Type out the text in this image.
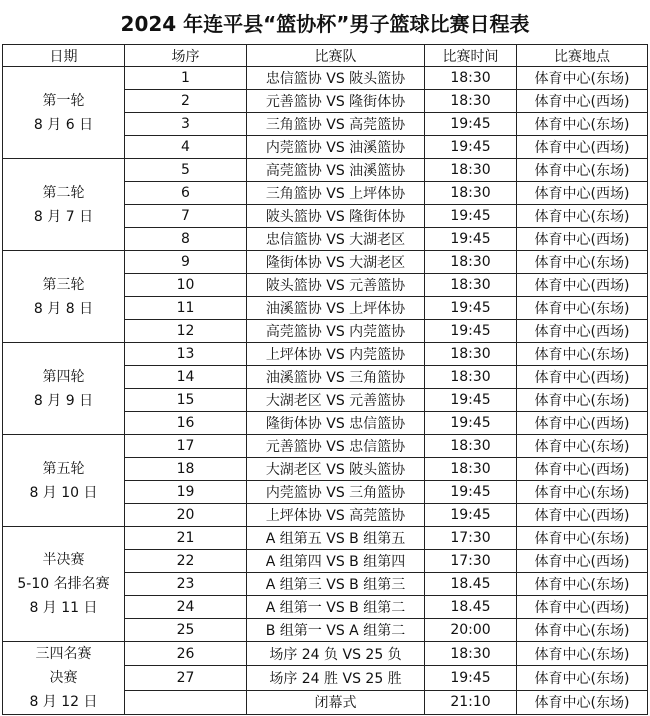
2024 年连平县“篮协杯”男子篮球比赛日程表
日期	场序	比赛队	比赛时间	比赛地点

第一轮
8 月 6 日	1	忠信篮协 VS 陂头篮协	18:30	体育中心(东场)
	2	元善篮协 VS 隆街体协	18:30	体育中心(西场)
	3	三角篮协 VS 高莞篮协	19:45	体育中心(东场)
	4	内莞篮协 VS 油溪篮协	19:45	体育中心(西场)

第二轮
8 月 7 日	5	高莞篮协 VS 油溪篮协	18:30	体育中心(东场)
	6	三角篮协 VS 上坪体协	18:30	体育中心(西场)
	7	陂头篮协 VS 隆街体协	19:45	体育中心(东场)
	8	忠信篮协 VS 大湖老区	19:45	体育中心(西场)

第三轮
8 月 8 日	9	隆街体协 VS 大湖老区	18:30	体育中心(东场)
	10	陂头篮协 VS 元善篮协	18:30	体育中心(西场)
	11	油溪篮协 VS 上坪体协	19:45	体育中心(东场)
	12	高莞篮协 VS 内莞篮协	19:45	体育中心(西场)

第四轮
8 月 9 日	13	上坪体协 VS 内莞篮协	18:30	体育中心(东场)
	14	油溪篮协 VS 三角篮协	18:30	体育中心(西场)
	15	大湖老区 VS 元善篮协	19:45	体育中心(东场)
	16	隆街体协 VS 忠信篮协	19:45	体育中心(西场)

第五轮
8 月 10 日	17	元善篮协 VS 忠信篮协	18:30	体育中心(东场)
	18	大湖老区 VS 陂头篮协	18:30	体育中心(西场)
	19	内莞篮协 VS 三角篮协	19:45	体育中心(东场)
	20	上坪体协 VS 高莞篮协	19:45	体育中心(西场)

半决赛
5-10 名排名赛
8 月 11 日	21	A 组第五 VS B 组第五	17:30	体育中心(东场)
	22	A 组第四 VS B 组第四	17:30	体育中心(西场)
	23	A 组第三 VS B 组第三	18.45	体育中心(东场)
	24	A 组第一 VS B 组第二	18.45	体育中心(西场)
	25	B 组第一 VS A 组第二	20:00	体育中心(东场)

三四名赛
决赛
8 月 12 日	26	场序 24 负 VS 25 负	18:30	体育中心(东场)
	27	场序 24 胜 VS 25 胜	19:45	体育中心(东场)
		闭幕式	21:10	体育中心(东场)
